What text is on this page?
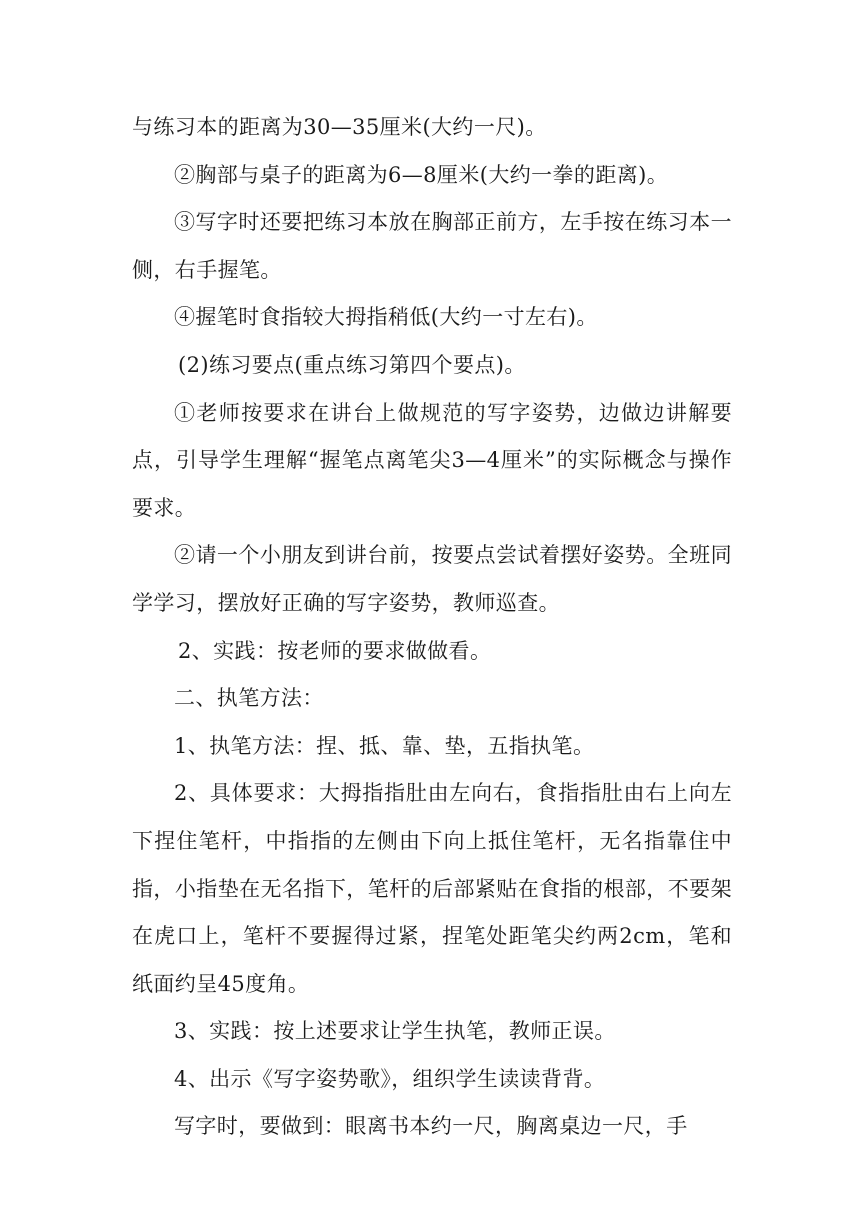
与练习本的距离为30—35厘米(大约一尺)。

②胸部与桌子的距离为6—8厘米(大约一拳的距离)。

③写字时还要把练习本放在胸部正前方，左手按在练习本一侧，右手握笔。

④握笔时食指较大拇指稍低(大约一寸左右)。

(2)练习要点(重点练习第四个要点)。

①老师按要求在讲台上做规范的写字姿势，边做边讲解要点，引导学生理解“握笔点离笔尖3—4厘米”的实际概念与操作要求。

②请一个小朋友到讲台前，按要点尝试着摆好姿势。全班同学学习，摆放好正确的写字姿势，教师巡查。

2、实践：按老师的要求做做看。

二、执笔方法：

1、执笔方法：捏、抵、靠、垫，五指执笔。

2、具体要求：大拇指指肚由左向右，食指指肚由右上向左下捏住笔杆，中指指的左侧由下向上抵住笔杆，无名指靠住中指，小指垫在无名指下，笔杆的后部紧贴在食指的根部，不要架在虎口上，笔杆不要握得过紧，捏笔处距笔尖约两2cm，笔和纸面约呈45度角。

3、实践：按上述要求让学生执笔，教师正误。

4、出示《写字姿势歌》，组织学生读读背背。

写字时，要做到：眼离书本约一尺，胸离桌边一尺，手
